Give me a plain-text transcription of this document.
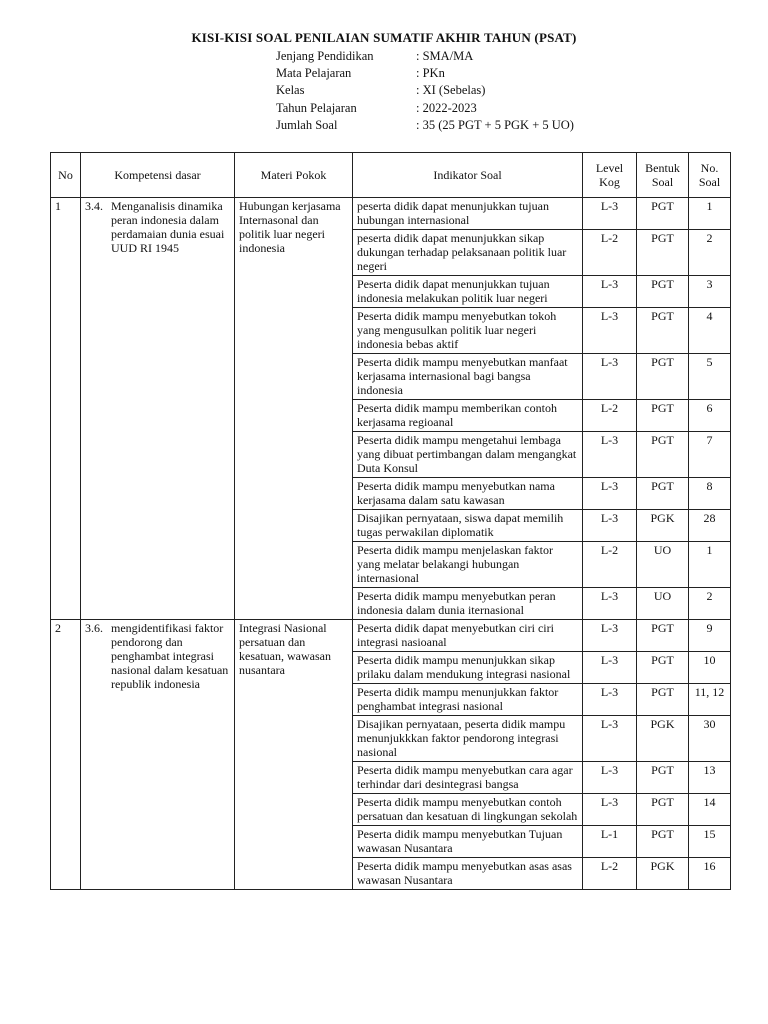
KISI-KISI SOAL PENILAIAN SUMATIF AKHIR TAHUN (PSAT)
Jenjang Pendidikan	: SMA/MA
Mata Pelajaran	: PKn
Kelas	: XI (Sebelas)
Tahun Pelajaran	: 2022-2023
Jumlah Soal	: 35 (25 PGT + 5 PGK + 5 UO)
No	Kompetensi dasar	Materi Pokok	Indikator Soal	Level Kog	Bentuk Soal	No. Soal
1	3.4. Menganalisis dinamika peran indonesia dalam perdamaian dunia esuai UUD RI 1945	Hubungan kerjasama Internasonal dan politik luar negeri indonesia	peserta didik dapat menunjukkan tujuan hubungan internasional	L-3	PGT	1
			peserta didik dapat menunjukkan sikap dukungan terhadap pelaksanaan politik luar negeri	L-2	PGT	2
			Peserta didik dapat menunjukkan tujuan indonesia melakukan politik luar negeri	L-3	PGT	3
			Peserta didik mampu menyebutkan tokoh yang mengusulkan politik luar negeri indonesia bebas aktif	L-3	PGT	4
			Peserta didik mampu menyebutkan manfaat kerjasama internasional bagi bangsa indonesia	L-3	PGT	5
			Peserta didik mampu memberikan contoh kerjasama regioanal	L-2	PGT	6
			Peserta didik mampu mengetahui lembaga yang dibuat pertimbangan dalam mengangkat Duta Konsul	L-3	PGT	7
			Peserta didik mampu menyebutkan nama kerjasama dalam satu kawasan	L-3	PGT	8
			Disajikan pernyataan, siswa dapat memilih tugas perwakilan diplomatik	L-3	PGK	28
			Peserta didik mampu menjelaskan faktor yang melatar belakangi hubungan internasional	L-2	UO	1
			Peserta didik mampu menyebutkan peran indonesia dalam dunia iternasional	L-3	UO	2
2	3.6. mengidentifikasi faktor pendorong dan penghambat integrasi nasional dalam kesatuan republik indonesia	Integrasi Nasional persatuan dan kesatuan, wawasan nusantara	Peserta didik dapat menyebutkan ciri ciri integrasi nasioanal	L-3	PGT	9
			Peserta didik mampu menunjukkan sikap prilaku dalam mendukung integrasi nasional	L-3	PGT	10
			Peserta didik mampu menunjukkan faktor penghambat integrasi nasional	L-3	PGT	11, 12
			Disajikan pernyataan, peserta didik mampu menunjukkkan faktor pendorong integrasi nasional	L-3	PGK	30
			Peserta didik mampu menyebutkan cara agar terhindar dari desintegrasi bangsa	L-3	PGT	13
			Peserta didik mampu menyebutkan contoh persatuan dan kesatuan di lingkungan sekolah	L-3	PGT	14
			Peserta didik mampu menyebutkan Tujuan wawasan Nusantara	L-1	PGT	15
			Peserta didik mampu menyebutkan asas asas wawasan Nusantara	L-2	PGK	16
